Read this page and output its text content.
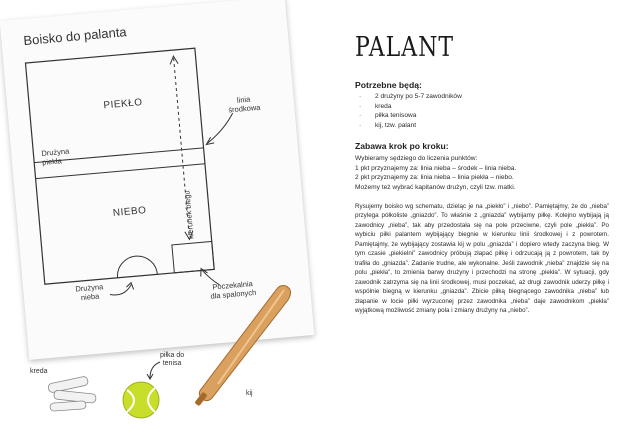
Boisko do palanta
PIEKŁO
NIEBO
Drużyna
piekła
linia
środkowa
kierunek biegu
Drużyna
nieba
Poczekalnia
dla spalonych
kreda
piłka do
tenisa
kij
PALANT
Potrzebne będą:
· 2 drużyny po 5-7 zawodników
· kreda
· piłka tenisowa
· kij, tzw. palant
Zabawa krok po kroku:
Wybieramy sędziego do liczenia punktów:
1 pkt przyznajemy za: linia nieba – środek – linia nieba.
2 pkt przyznajemy za: linia nieba – linia piekła – niebo.
Możemy też wybrać kapitanów drużyn, czyli tzw. matki.
Rysujemy boisko wg schematu, dzieląc je na „piekło” i „niebo”. Pamiętajmy, że do „nieba” przylega półkoliste „gniazdo”. To właśnie z „gniazda” wybijamy piłkę. Kolejno wybijają ją zawodnicy „nieba”, tak aby przedostała się na pole przeciwne, czyli pole „piekła”. Po wybiciu piłki palantem wybijający biegnie w kierunku linii środkowej i z powrotem. Pamiętajmy, że wybijający zostawia kij w polu „gniazda” i dopiero wtedy zaczyna bieg. W tym czasie „piekielni” zawodnicy próbują złapać piłkę i odrzucają ją z powrotem, tak by trafiła do „gniazda”. Zadanie trudne, ale wykonalne. Jeśli zawodnik „nieba” znajdzie się na polu „piekła”, to zmienia barwy drużyny i przechodzi na stronę „piekła”. W sytuacji, gdy zawodnik zatrzyma się na linii środkowej, musi poczekać, aż drugi zawodnik uderzy piłkę i wspólnie biegną w kierunku „gniazda”. Zbicie piłką biegnącego zawodnika „nieba” lub złapanie w locie piłki wyrzuconej przez zawodnika „nieba” daje zawodnikom „piekła” wyjątkową możliwość zmiany pola i zmiany drużyny na „niebo”.
